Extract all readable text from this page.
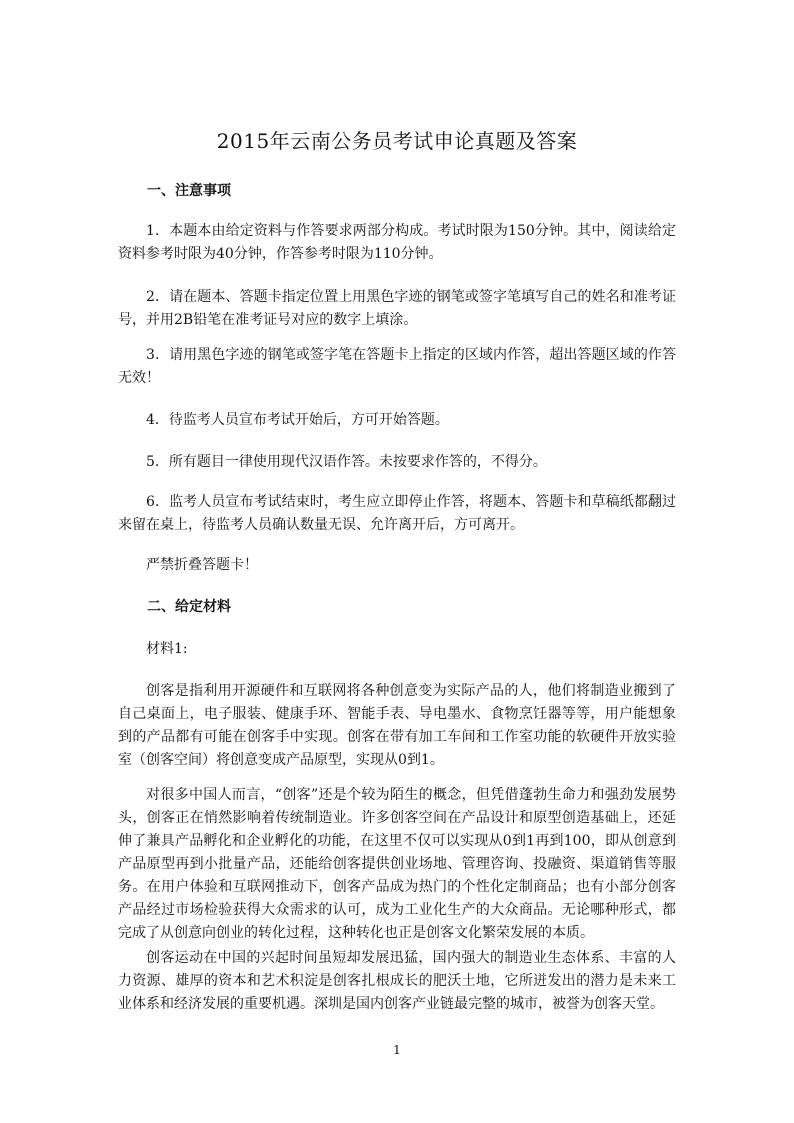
2015年云南公务员考试申论真题及答案
一、注意事项

1．本题本由给定资料与作答要求两部分构成。考试时限为150分钟。其中，阅读给定资料参考时限为40分钟，作答参考时限为110分钟。

2．请在题本、答题卡指定位置上用黑色字迹的钢笔或签字笔填写自己的姓名和准考证号，并用2B铅笔在准考证号对应的数字上填涂。

3．请用黑色字迹的钢笔或签字笔在答题卡上指定的区域内作答，超出答题区域的作答无效！

4．待监考人员宣布考试开始后，方可开始答题。

5．所有题目一律使用现代汉语作答。未按要求作答的，不得分。

6．监考人员宣布考试结束时，考生应立即停止作答，将题本、答题卡和草稿纸都翻过来留在桌上，待监考人员确认数量无误、允许离开后，方可离开。

严禁折叠答题卡！

二、给定材料

材料1:

创客是指利用开源硬件和互联网将各种创意变为实际产品的人，他们将制造业搬到了自己桌面上，电子服装、健康手环、智能手表、导电墨水、食物烹饪器等等，用户能想象到的产品都有可能在创客手中实现。创客在带有加工车间和工作室功能的软硬件开放实验室（创客空间）将创意变成产品原型，实现从0到1。

对很多中国人而言，“创客”还是个较为陌生的概念，但凭借蓬勃生命力和强劲发展势头，创客正在悄然影响着传统制造业。许多创客空间在产品设计和原型创造基础上，还延伸了兼具产品孵化和企业孵化的功能，在这里不仅可以实现从0到1再到100，即从创意到产品原型再到小批量产品，还能给创客提供创业场地、管理咨询、投融资、渠道销售等服务。在用户体验和互联网推动下，创客产品成为热门的个性化定制商品；也有小部分创客产品经过市场检验获得大众需求的认可，成为工业化生产的大众商品。无论哪种形式，都完成了从创意向创业的转化过程，这种转化也正是创客文化繁荣发展的本质。

创客运动在中国的兴起时间虽短却发展迅猛，国内强大的制造业生态体系、丰富的人力资源、雄厚的资本和艺术积淀是创客扎根成长的肥沃土地，它所迸发出的潜力是未来工业体系和经济发展的重要机遇。深圳是国内创客产业链最完整的城市，被誉为创客天堂。

1
